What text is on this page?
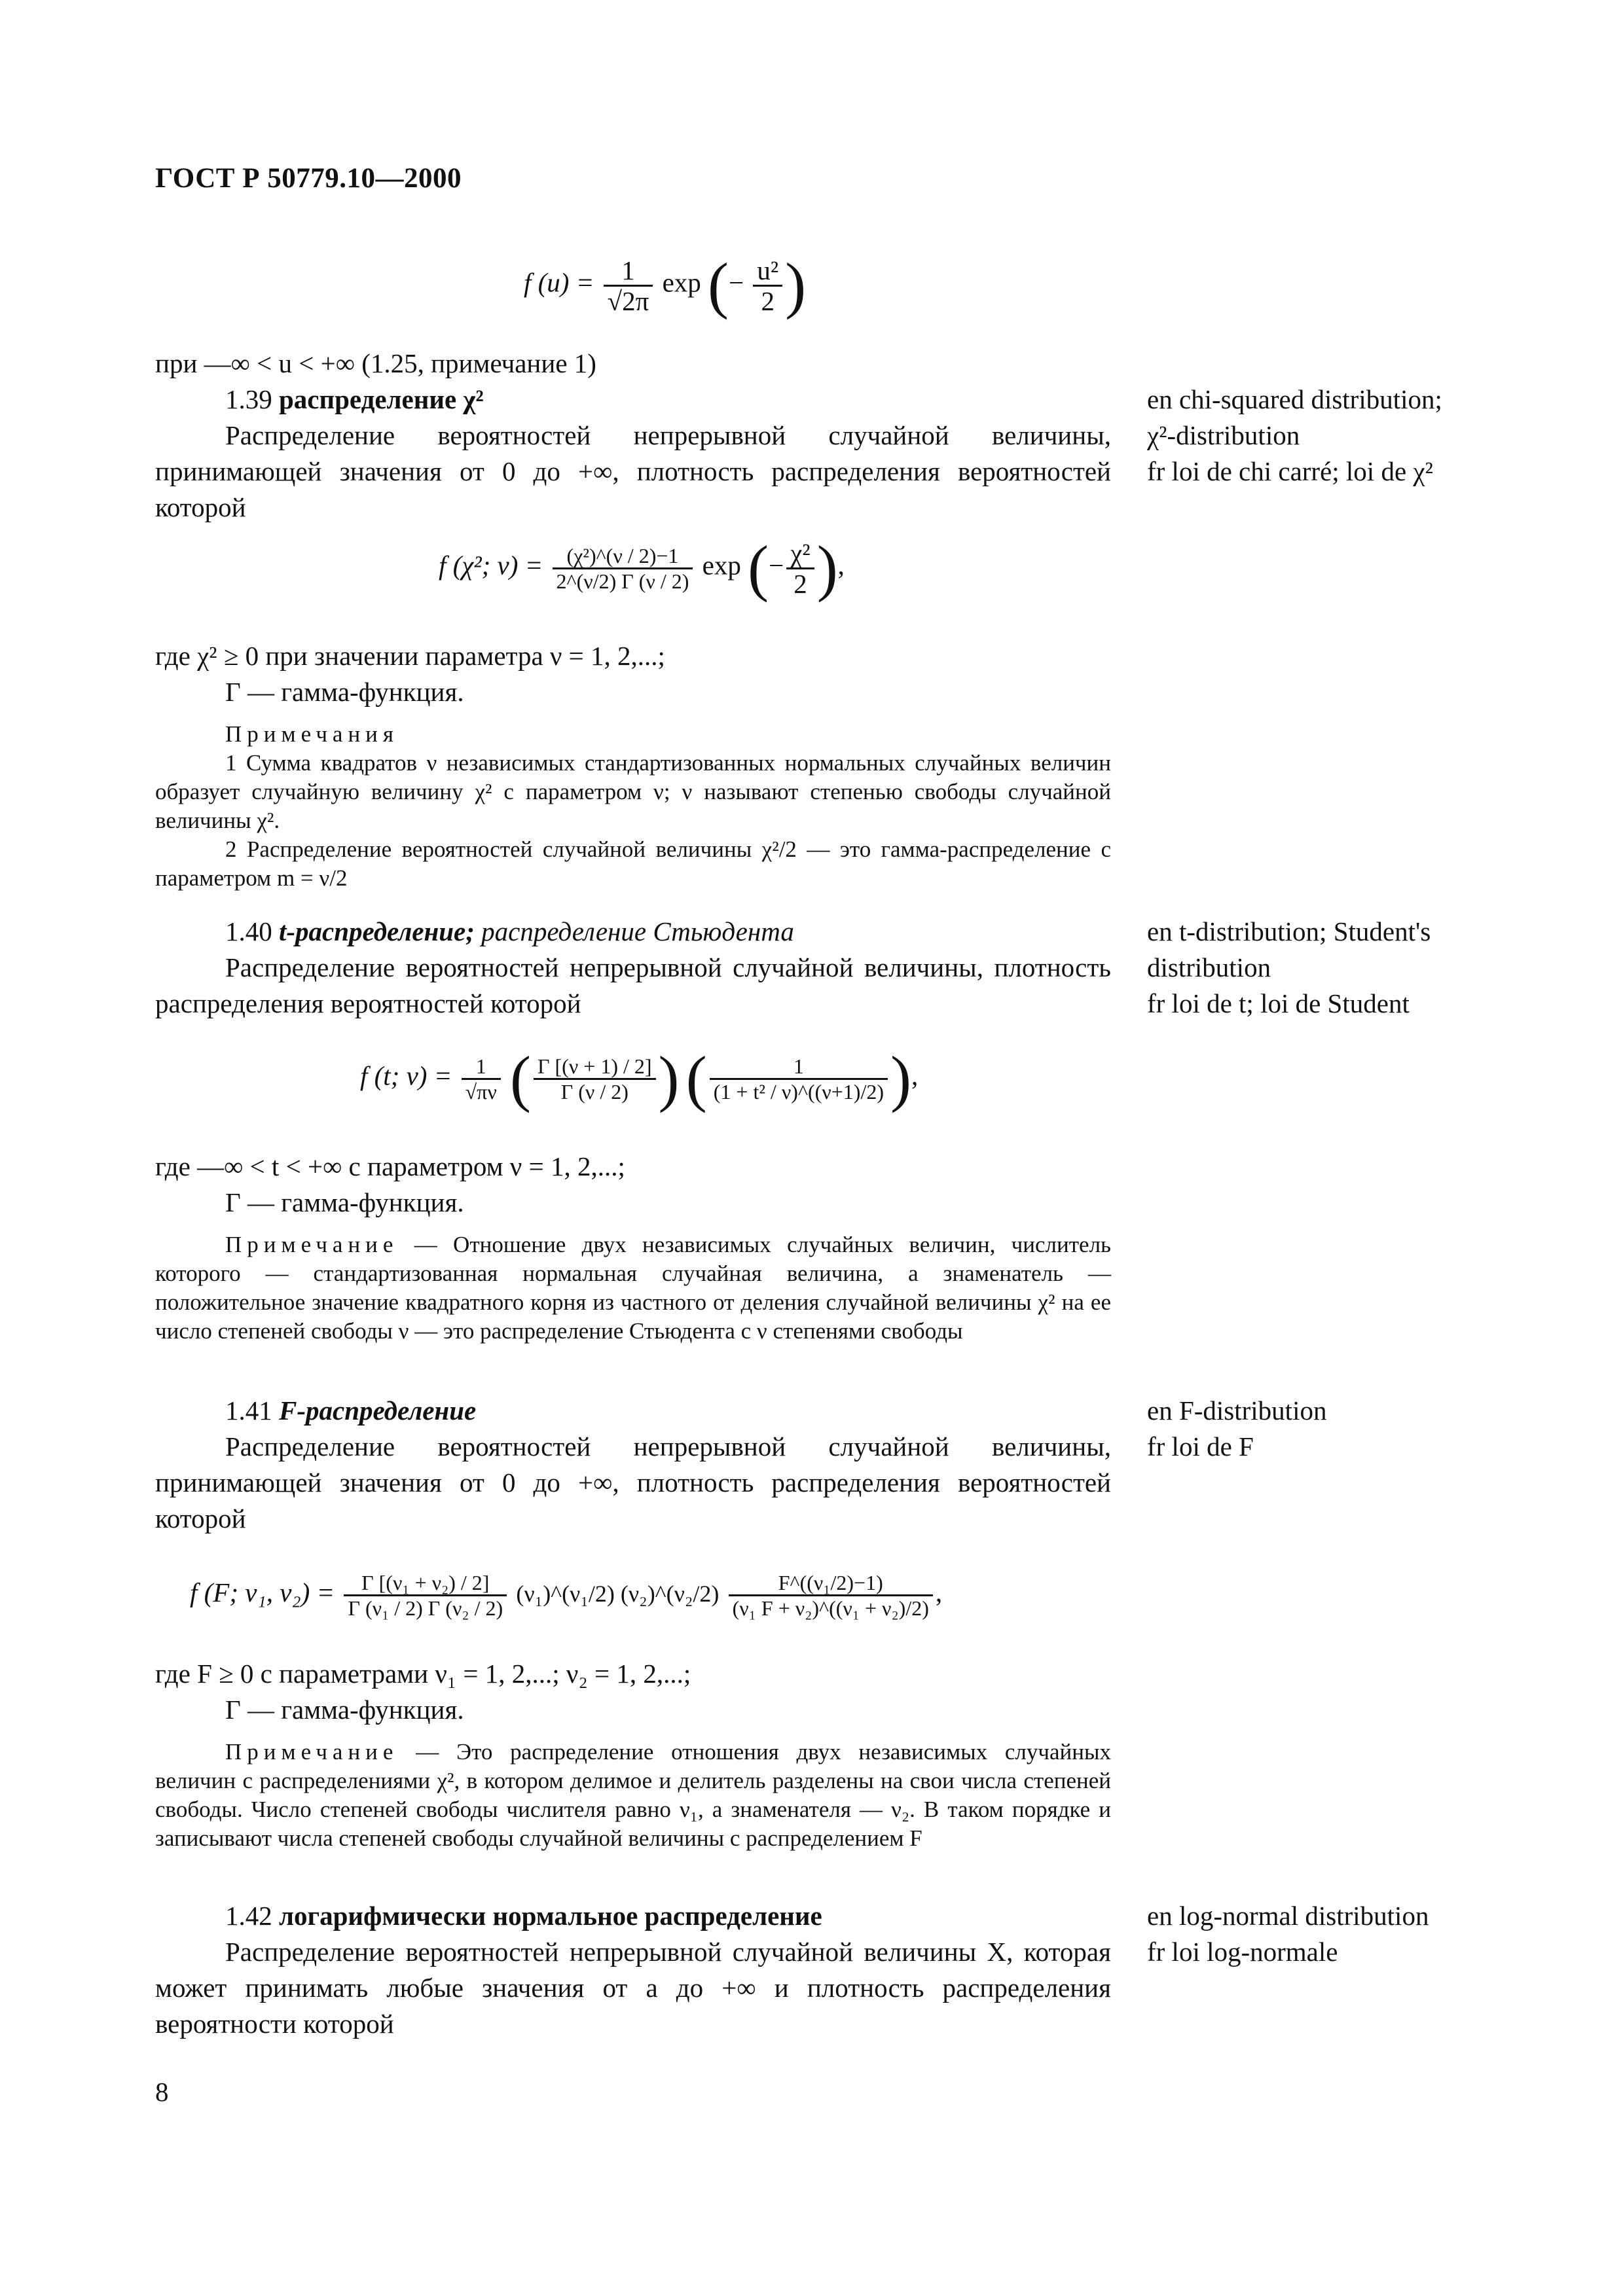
ГОСТ Р 50779.10—2000
f $(u) = \frac{1}{√2\pi}$ exp (− $\frac{\text{u²}}{2}$ )
при —∞ < u < +∞ (1.25, примечание 1)
1.39 распределение χ²
Распределение вероятностей непрерывной случайной величины, принимающей значения от 0 до +∞, плотность распределения вероятностей которой
f (χ²; $\nu) = \frac{\text{(χ²)\textasciicircum{}(ν / 2)−1}}{2\^{}(\nu/2) \Gamma (\nu / 2)}$ exp (− $\frac{\text{χ²}}{2}$ ),
где χ² ≥ 0 при значении параметра ν = 1, 2,...;
Γ — гамма-функция.
Примечания
1 Сумма квадратов ν независимых стандартизованных нормальных случайных величин образует случайную величину χ² с параметром ν; ν называют степенью свободы случайной величины χ².
2 Распределение вероятностей случайной величины χ²/2 — это гамма-распределение с параметром m = ν/2
en chi-squared distribution;
χ²-distribution
fr loi de chi carré; loi de χ²
1.40 t-распределение; распределение Стьюдента
Распределение вероятностей непрерывной случайной величины, плотность распределения вероятностей которой
f (t; $\nu) = \frac{1}{√\pi\nu}$ ( $\frac{\Gamma [(\nu + 1) / 2]}{\Gamma (\nu / 2)}$ ) ( $\frac{1}{\text{(1 + t² / ν)\textasciicircum{}((ν+1)/2)}}$ ),
где —∞ < t < +∞ с параметром ν = 1, 2,...;
Γ — гамма-функция.
Примечание — Отношение двух независимых случайных величин, числитель которого — стандартизованная нормальная случайная величина, а знаменатель — положительное значение квадратного корня из частного от деления случайной величины χ² на ее число степеней свободы ν — это распределение Стьюдента с ν степенями свободы
en t-distribution; Student's distribution
fr loi de t; loi de Student
1.41 F-распределение
Распределение вероятностей непрерывной случайной величины, принимающей значения от 0 до +∞, плотность распределения вероятностей которой
f (F; ν₁, $\nu_2) = \frac{\text{Γ [(ν₁ + ν₂) / 2]}}{\text{Γ (ν₁ / 2) Γ (ν₂ / 2)}}$ (ν₁)^(ν₁/2) (ν₂)^(ν₂/2) $\frac{\text{F\textasciicircum{}((ν₁/2)−1)}}{\text{(ν₁ F + ν₂)\textasciicircum{}((ν₁ + ν₂)/2)}}$ ,
где F ≥ 0 с параметрами ν₁ = 1, 2,...; ν₂ = 1, 2,...;
Γ — гамма-функция.
Примечание — Это распределение отношения двух независимых случайных величин с распределениями χ², в котором делимое и делитель разделены на свои числа степеней свободы. Число степеней свободы числителя равно ν₁, а знаменателя — ν₂. В таком порядке и записывают числа степеней свободы случайной величины с распределением F
en F-distribution
fr loi de F
1.42 логарифмически нормальное распределение
Распределение вероятностей непрерывной случайной величины X, которая может принимать любые значения от a до +∞ и плотность распределения вероятности которой
en log-normal distribution
fr loi log-normale
8
